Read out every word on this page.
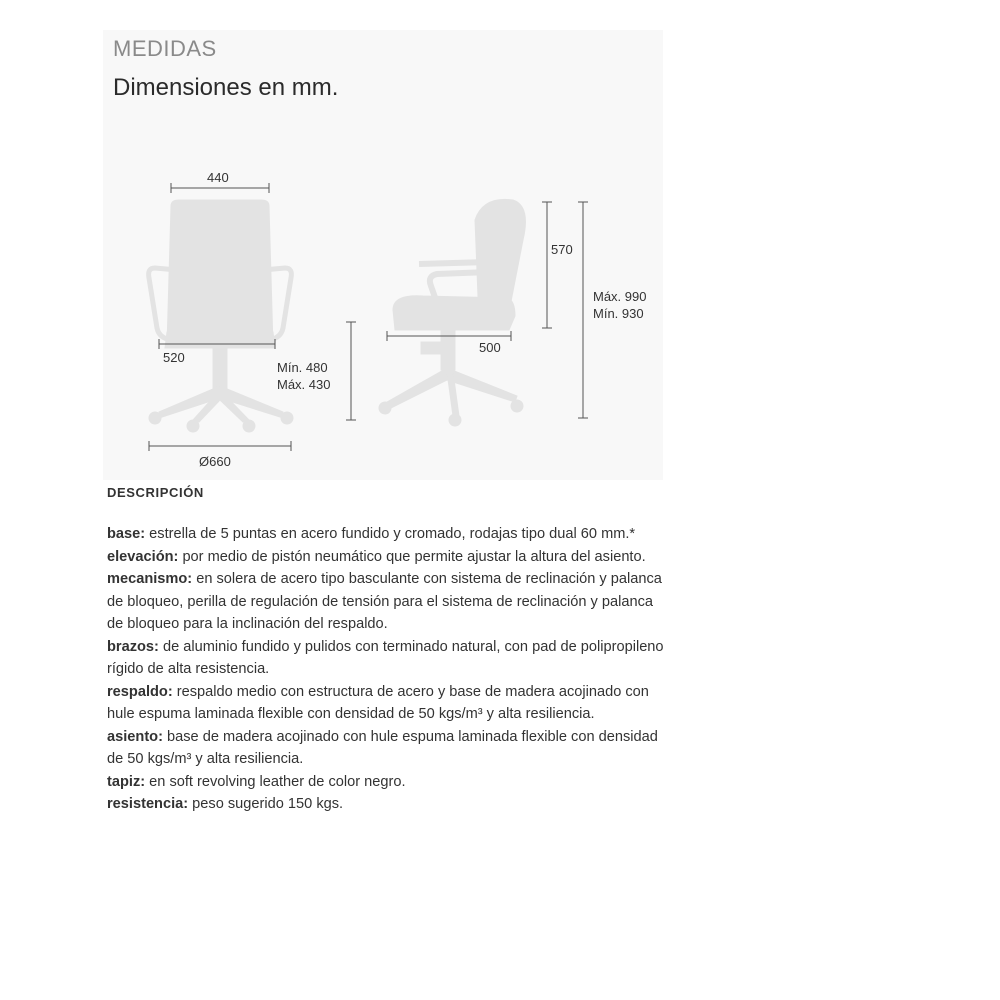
MEDIDAS
Dimensiones en mm.
440
520
Mín. 480
Máx. 430
Ø660
570
500
Máx. 990
Mín. 930
DESCRIPCIÓN

base: estrella de 5 puntas en acero fundido y cromado, rodajas tipo dual 60 mm.*

elevación: por medio de pistón neumático que permite ajustar la altura del asiento.

mecanismo: en solera de acero tipo basculante con sistema de reclinación y palanca de bloqueo, perilla de regulación de tensión para el sistema de reclinación y palanca de bloqueo para la inclinación del respaldo.

brazos: de aluminio fundido y pulidos con terminado natural, con pad de polipropileno rígido de alta resistencia.

respaldo: respaldo medio con estructura de acero y base de madera acojinado con hule espuma laminada flexible con densidad de 50 kgs/m³ y alta resiliencia.

asiento: base de madera acojinado con hule espuma laminada flexible con densidad de 50 kgs/m³ y alta resiliencia.

tapiz: en soft revolving leather de color negro.

resistencia: peso sugerido 150 kgs.
